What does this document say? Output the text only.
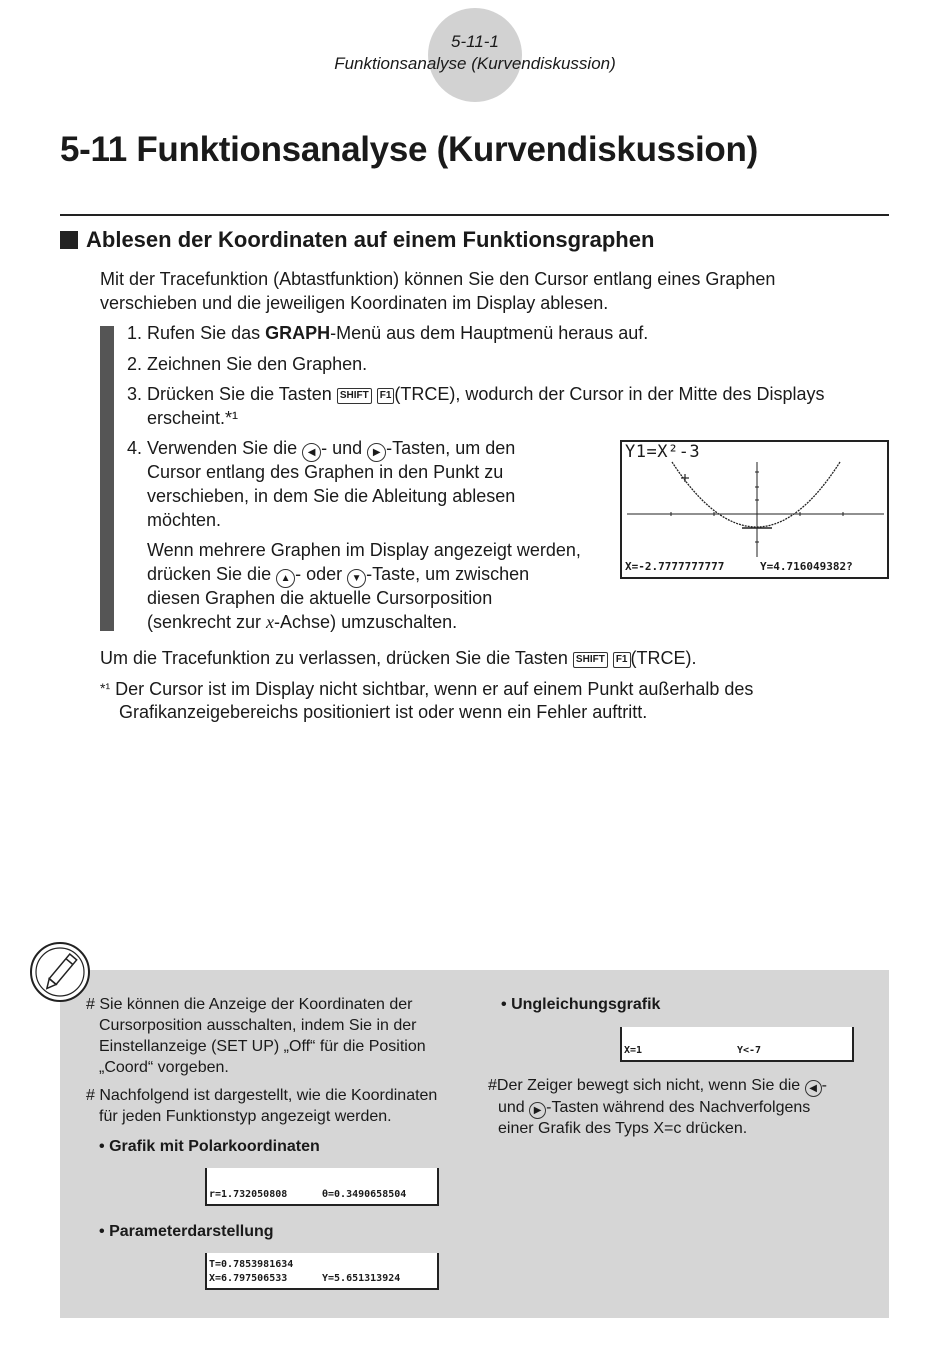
5-11-1
Funktionsanalyse (Kurvendiskussion)
5-11 Funktionsanalyse (Kurvendiskussion)
Ablesen der Koordinaten auf einem Funktionsgraphen
Mit der Tracefunktion (Abtastfunktion) können Sie den Cursor entlang eines Graphen verschieben und die jeweiligen Koordinaten im Display ablesen.
1. Rufen Sie das GRAPH-Menü aus dem Hauptmenü heraus auf.
2. Zeichnen Sie den Graphen.
3. Drücken Sie die Tasten SHIFT F1 (TRCE), wodurch der Cursor in der Mitte des Displays
erscheint.*¹
4. Verwenden Sie die ◀ - und ▶ -Tasten, um den
Cursor entlang des Graphen in den Punkt zu
verschieben, in dem Sie die Ableitung ablesen
möchten.
Wenn mehrere Graphen im Display angezeigt werden,
drücken Sie die ▲ - oder ▼ -Taste, um zwischen
diesen Graphen die aktuelle Cursorposition
(senkrecht zur x-Achse) umzuschalten.
Y1=X²-3
X=-2.7777777777	Y=4.716049382?
Um die Tracefunktion zu verlassen, drücken Sie die Tasten SHIFT F1 (TRCE).
*¹ Der Cursor ist im Display nicht sichtbar, wenn er auf einem Punkt außerhalb des
Grafikanzeigebereichs positioniert ist oder wenn ein Fehler auftritt.
# Sie können die Anzeige der Koordinaten der
Cursorposition ausschalten, indem Sie in der
Einstellanzeige (SET UP) „Off“ für die Position
„Coord“ vorgeben.
# Nachfolgend ist dargestellt, wie die Koordinaten
für jeden Funktionstyp angezeigt werden.
• Grafik mit Polarkoordinaten
r=1.732050808	θ=0.3490658504
• Parameterdarstellung
T=0.7853981634
X=6.797506533	Y=5.651313924
• Ungleichungsgrafik
X=1	Y<-7
#Der Zeiger bewegt sich nicht, wenn Sie die ◀ -
und ▶ -Tasten während des Nachverfolgens
einer Grafik des Typs X=c drücken.
